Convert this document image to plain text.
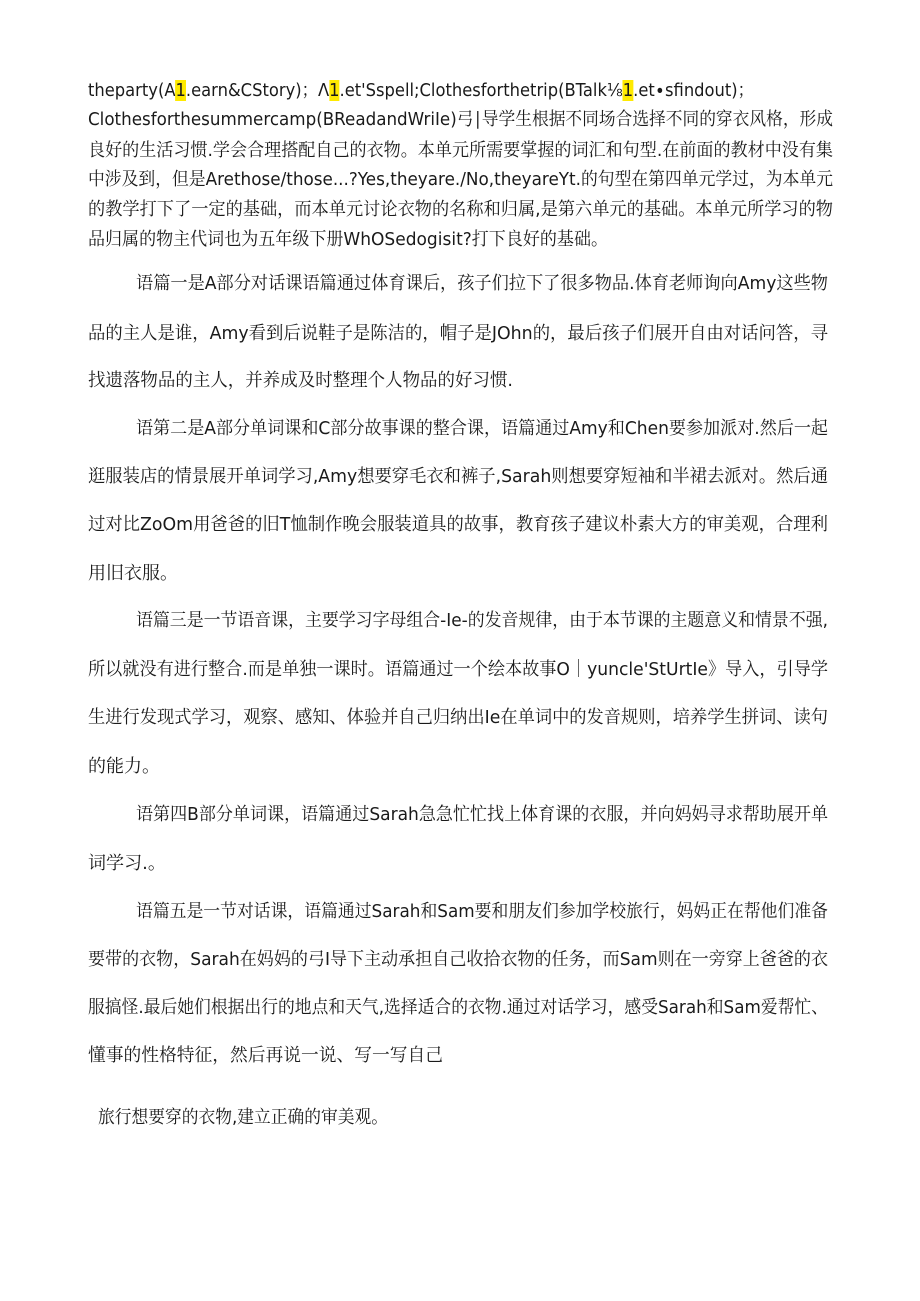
theparty(A1.earn&CStory)；Λ1.et'Sspell;Clothesforthetrip(BTalk⅛1.et∙sfindout)；
Clothesforthesummercamp(BReadandWriIe)弓∣导学生根据不同场合选择不同的穿衣风格，形成
良好的生活习惯.学会合理搭配自己的衣物。本单元所需要掌握的词汇和句型.在前面的教材中没有集
中涉及到，但是Arethose/those...?Yes,theyare./No,theyareYt.的句型在第四单元学过，为本单元
的教学打下了一定的基础，而本单元讨论衣物的名称和归属,是第六单元的基础。本单元所学习的物
品归属的物主代词也为五年级下册WhOSedogisit?打下良好的基础。
语篇一是A部分对话课语篇通过体育课后，孩子们拉下了很多物品.体育老师询向Amy这些物
品的主人是谁，Amy看到后说鞋子是陈洁的，帽子是JOhn的，最后孩子们展开自由对话问答，寻
找遗落物品的主人，并养成及时整理个人物品的好习惯.
语第二是A部分单词课和C部分故事课的整合课，语篇通过Amy和Chen要参加派对.然后一起
逛服装店的情景展开单词学习,Amy想要穿毛衣和裤子,Sarah则想要穿短袖和半裙去派对。然后通
过对比ZoOm用爸爸的旧T恤制作晚会服装道具的故事，教育孩子建议朴素大方的审美观，合理利
用旧衣服。
语篇三是一节语音课，主要学习字母组合-Ie-的发音规律，由于本节课的主题意义和情景不强,
所以就没有进行整合.而是单独一课时。语篇通过一个绘本故事O｜yuncle'StUrtIe》导入，引导学
生进行发现式学习，观察、感知、体验并自己归纳出Ie在单词中的发音规则，培养学生拼词、读句
的能力。
语第四B部分单词课，语篇通过Sarah急急忙忙找上体育课的衣服，并向妈妈寻求帮助展开单
词学习.。
语篇五是一节对话课，语篇通过Sarah和Sam要和朋友们参加学校旅行，妈妈正在帮他们准备
要带的衣物，Sarah在妈妈的弓I导下主动承担自己收拾衣物的任务，而Sam则在一旁穿上爸爸的衣
服搞怪.最后她们根据出行的地点和天气,选择适合的衣物.通过对话学习，感受Sarah和Sam爱帮忙、
懂事的性格特征，然后再说一说、写一写自己
旅行想要穿的衣物,建立正确的审美观。
